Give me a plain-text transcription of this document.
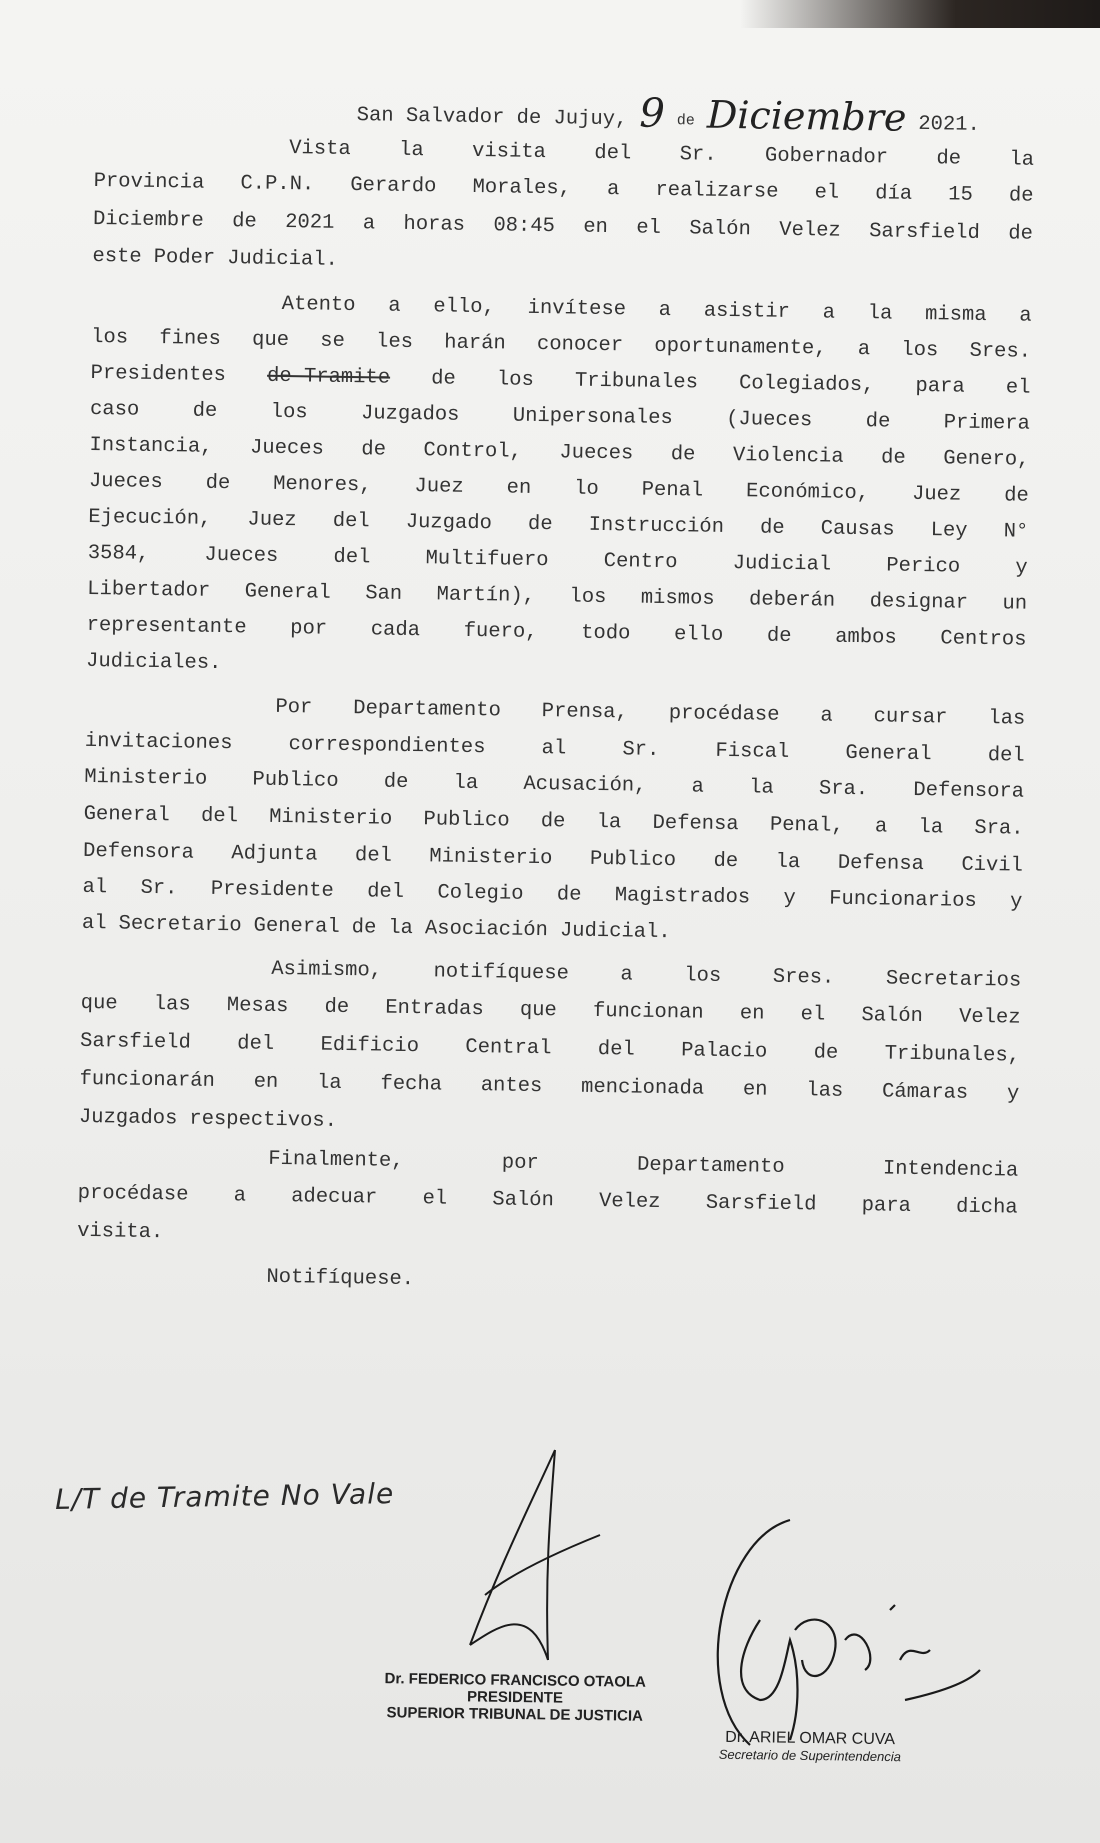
San Salvador de Jujuy, 9 de Diciembre 2021.
Vista la visita del Sr. Gobernador de la
Provincia C.P.N. Gerardo Morales, a realizarse el día 15 de
Diciembre de 2021 a horas 08:45 en el Salón Velez Sarsfield de
este Poder Judicial.
Atento a ello, invítese a asistir a la misma a
los fines que se les harán conocer oportunamente, a los Sres.
Presidentes de Tramite de los Tribunales Colegiados, para el
caso	de	los	Juzgados	Unipersonales	(Jueces	de	Primera
Instancia, Jueces de Control, Jueces de Violencia de Genero,
Jueces de Menores, Juez en lo Penal Económico, Juez de
Ejecución, Juez del Juzgado de Instrucción de Causas Ley N°
3584,	Jueces	del	Multifuero	Centro	Judicial	Perico	y
Libertador General San Martín), los mismos deberán designar un
representante por cada fuero, todo ello de ambos Centros
Judiciales.
Por Departamento Prensa, procédase a cursar las
invitaciones	correspondientes	al	Sr.	Fiscal	General	del
Ministerio Publico de la Acusación, a la Sra. Defensora
General del Ministerio Publico de la Defensa Penal, a la Sra.
Defensora Adjunta del Ministerio Publico de la Defensa Civil
al Sr. Presidente del Colegio de Magistrados y Funcionarios y
al Secretario General de la Asociación Judicial.
Asimismo, notifíquese a los Sres. Secretarios
que las Mesas de Entradas que funcionan en el Salón Velez
Sarsfield del Edificio Central del Palacio de Tribunales,
funcionarán en la fecha antes mencionada en las Cámaras y
Juzgados respectivos.
Finalmente,	por	Departamento	Intendencia
procédase a adecuar el Salón Velez Sarsfield para dicha
visita.
Notifíquese.
L/T de Tramite No Vale
Dr. FEDERICO FRANCISCO OTAOLA
PRESIDENTE
SUPERIOR TRIBUNAL DE JUSTICIA
Dr. ARIEL OMAR CUVA
Secretario de Superintendencia
